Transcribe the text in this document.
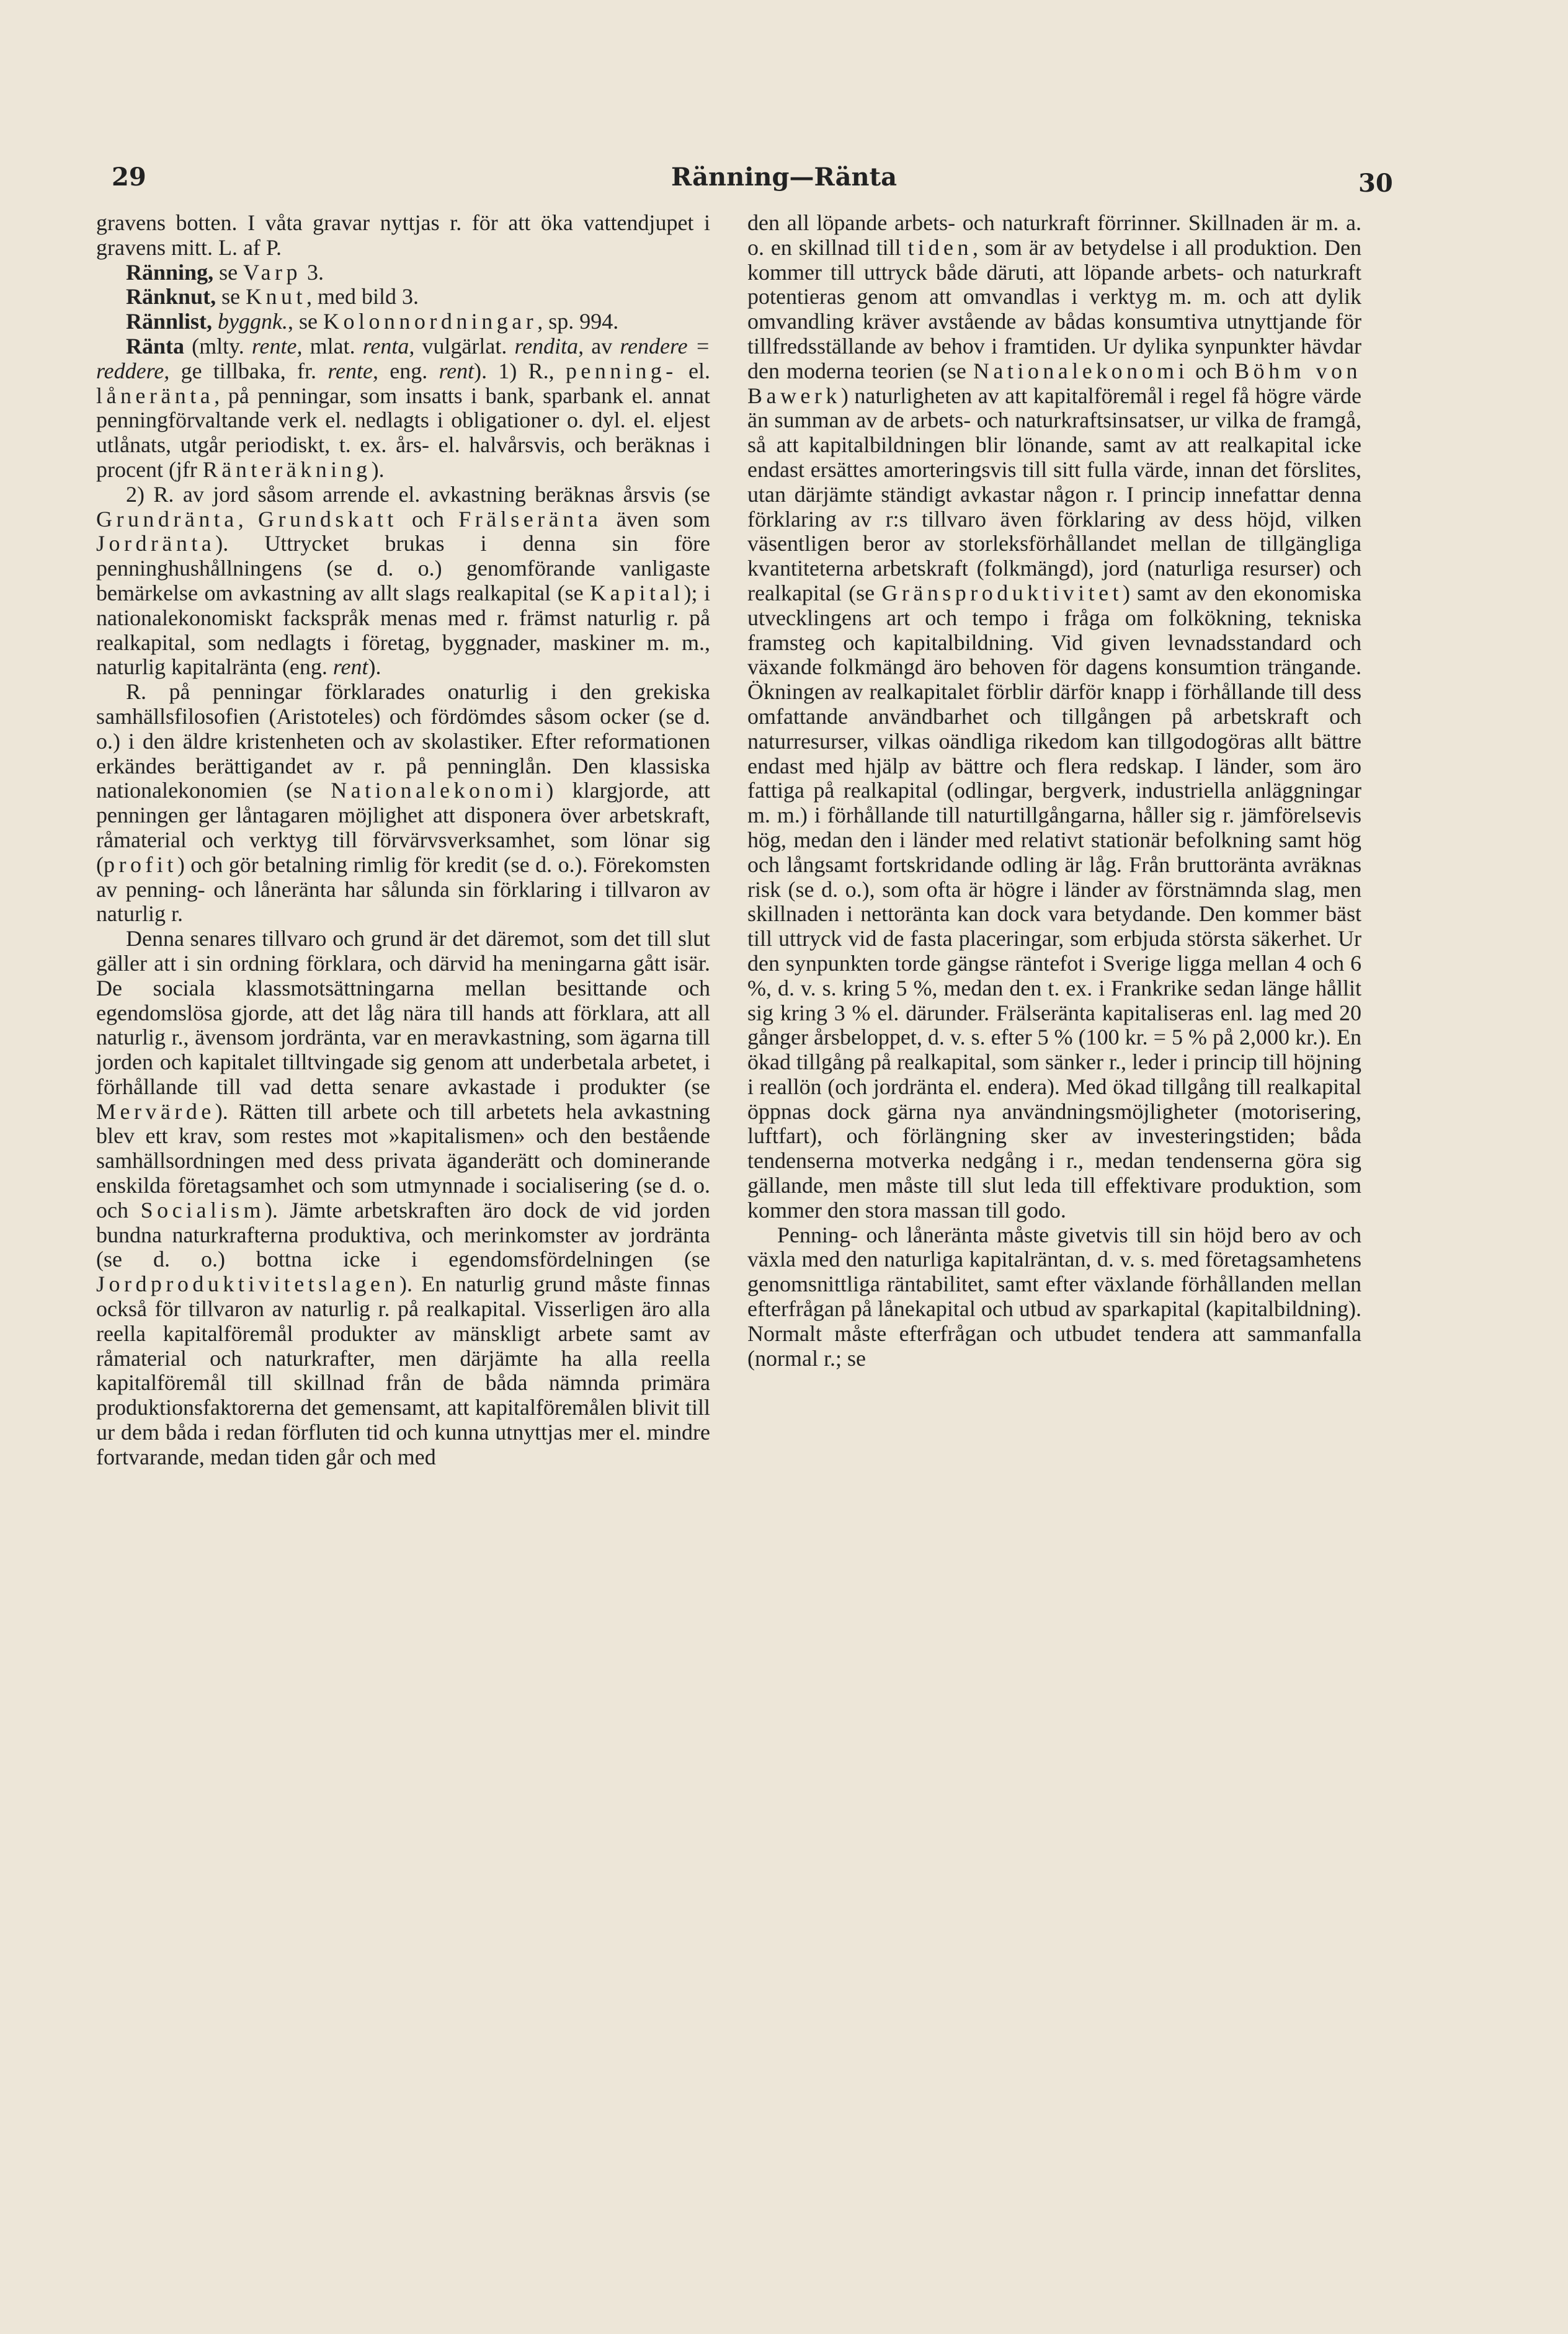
29	Ränning—Ränta	30

gravens botten. I våta gravar nyttjas r. för att öka vattendjupet i gravens mitt. L. af P.

Ränning, se Varp 3.

Ränknut, se Knut, med bild 3.

Rännlist, byggnk., se Kolonnordningar, sp. 994.

Ränta (mlty. rente, mlat. renta, vulgärlat. rendita, av rendere = reddere, ge tillbaka, fr. rente, eng. rent). 1) R., penning- el. låneränta, på penningar, som insatts i bank, sparbank el. annat penningförvaltande verk el. nedlagts i obligationer o. dyl. el. eljest utlånats, utgår periodiskt, t. ex. års- el. halvårsvis, och beräknas i procent (jfr Ränteräkning).

2) R. av jord såsom arrende el. avkastning beräknas årsvis (se Grundränta, Grundskatt och Frälseränta även som Jordränta). Uttrycket brukas i denna sin före penninghushållningens (se d. o.) genomförande vanligaste bemärkelse om avkastning av allt slags realkapital (se Kapital); i nationalekonomiskt fackspråk menas med r. främst naturlig r. på realkapital, som nedlagts i företag, byggnader, maskiner m. m., naturlig kapitalränta (eng. rent).

R. på penningar förklarades onaturlig i den grekiska samhällsfilosofien (Aristoteles) och fördömdes såsom ocker (se d. o.) i den äldre kristenheten och av skolastiker. Efter reformationen erkändes berättigandet av r. på penninglån. Den klassiska nationalekonomien (se Nationalekonomi) klargjorde, att penningen ger låntagaren möjlighet att disponera över arbetskraft, råmaterial och verktyg till förvärvsverksamhet, som lönar sig (profit) och gör betalning rimlig för kredit (se d. o.). Förekomsten av penning- och låneränta har sålunda sin förklaring i tillvaron av naturlig r.

Denna senares tillvaro och grund är det däremot, som det till slut gäller att i sin ordning förklara, och därvid ha meningarna gått isär. De sociala klassmotsättningarna mellan besittande och egendomslösa gjorde, att det låg nära till hands att förklara, att all naturlig r., ävensom jordränta, var en meravkastning, som ägarna till jorden och kapitalet tilltvingade sig genom att underbetala arbetet, i förhållande till vad detta senare avkastade i produkter (se Mervärde). Rätten till arbete och till arbetets hela avkastning blev ett krav, som restes mot »kapitalismen» och den bestående samhällsordningen med dess privata äganderätt och dominerande enskilda företagsamhet och som utmynnade i socialisering (se d. o. och Socialism). Jämte arbetskraften äro dock de vid jorden bundna naturkrafterna produktiva, och merinkomster av jordränta (se d. o.) bottna icke i egendomsfördelningen (se Jordproduktivitetslagen). En naturlig grund måste finnas också för tillvaron av naturlig r. på realkapital. Visserligen äro alla reella kapitalföremål produkter av mänskligt arbete samt av råmaterial och naturkrafter, men därjämte ha alla reella kapitalföremål till skillnad från de båda nämnda primära produktionsfaktorerna det gemensamt, att kapitalföremålen blivit till ur dem båda i redan förfluten tid och kunna utnyttjas mer el. mindre fortvarande, medan tiden går och med

den all löpande arbets- och naturkraft förrinner. Skillnaden är m. a. o. en skillnad till tiden, som är av betydelse i all produktion. Den kommer till uttryck både däruti, att löpande arbets- och naturkraft potentieras genom att omvandlas i verktyg m. m. och att dylik omvandling kräver avstående av bådas konsumtiva utnyttjande för tillfredsställande av behov i framtiden. Ur dylika synpunkter hävdar den moderna teorien (se Nationalekonomi och Böhm von Bawerk) naturligheten av att kapitalföremål i regel få högre värde än summan av de arbets- och naturkraftsinsatser, ur vilka de framgå, så att kapitalbildningen blir lönande, samt av att realkapital icke endast ersättes amorteringsvis till sitt fulla värde, innan det förslites, utan därjämte ständigt avkastar någon r. I princip innefattar denna förklaring av r:s tillvaro även förklaring av dess höjd, vilken väsentligen beror av storleksförhållandet mellan de tillgängliga kvantiteterna arbetskraft (folkmängd), jord (naturliga resurser) och realkapital (se Gränsproduktivitet) samt av den ekonomiska utvecklingens art och tempo i fråga om folkökning, tekniska framsteg och kapitalbildning. Vid given levnadsstandard och växande folkmängd äro behoven för dagens konsumtion trängande. Ökningen av realkapitalet förblir därför knapp i förhållande till dess omfattande användbarhet och tillgången på arbetskraft och naturresurser, vilkas oändliga rikedom kan tillgodogöras allt bättre endast med hjälp av bättre och flera redskap. I länder, som äro fattiga på realkapital (odlingar, bergverk, industriella anläggningar m. m.) i förhållande till naturtillgångarna, håller sig r. jämförelsevis hög, medan den i länder med relativt stationär befolkning samt hög och långsamt fortskridande odling är låg. Från bruttoränta avräknas risk (se d. o.), som ofta är högre i länder av förstnämnda slag, men skillnaden i nettoränta kan dock vara betydande. Den kommer bäst till uttryck vid de fasta placeringar, som erbjuda största säkerhet. Ur den synpunkten torde gängse räntefot i Sverige ligga mellan 4 och 6 %, d. v. s. kring 5 %, medan den t. ex. i Frankrike sedan länge hållit sig kring 3 % el. därunder. Frälseränta kapitaliseras enl. lag med 20 gånger årsbeloppet, d. v. s. efter 5 % (100 kr. = 5 % på 2,000 kr.). En ökad tillgång på realkapital, som sänker r., leder i princip till höjning i reallön (och jordränta el. endera). Med ökad tillgång till realkapital öppnas dock gärna nya användningsmöjligheter (motorisering, luftfart), och förlängning sker av investeringstiden; båda tendenserna motverka nedgång i r., medan tendenserna göra sig gällande, men måste till slut leda till effektivare produktion, som kommer den stora massan till godo.

Penning- och låneränta måste givetvis till sin höjd bero av och växla med den naturliga kapitalräntan, d. v. s. med företagsamhetens genomsnittliga räntabilitet, samt efter växlande förhållanden mellan efterfrågan på lånekapital och utbud av sparkapital (kapitalbildning). Normalt måste efterfrågan och utbudet tendera att sammanfalla (normal r.; se
